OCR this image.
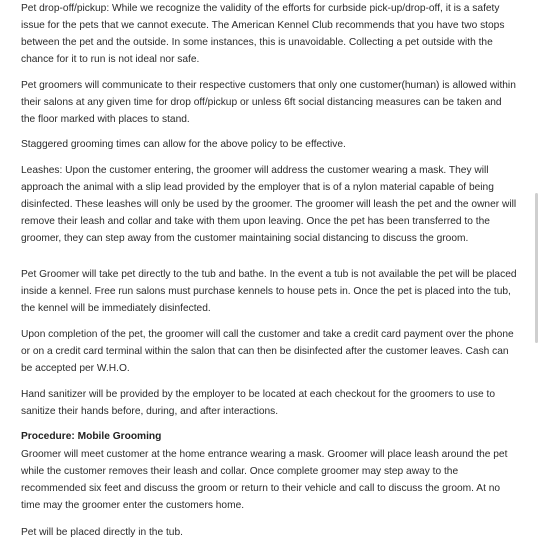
Pet drop-off/pickup: While we recognize the validity of the efforts for curbside pick-up/drop-off, it is a safety issue for the pets that we cannot execute. The American Kennel Club recommends that you have two stops between the pet and the outside. In some instances, this is unavoidable. Collecting a pet outside with the chance for it to run is not ideal nor safe.

Pet groomers will communicate to their respective customers that only one customer(human) is allowed within their salons at any given time for drop off/pickup or unless 6ft social distancing measures can be taken and the floor marked with places to stand.

Staggered grooming times can allow for the above policy to be effective.

Leashes: Upon the customer entering, the groomer will address the customer wearing a mask. They will approach the animal with a slip lead provided by the employer that is of a nylon material capable of being disinfected. These leashes will only be used by the groomer. The groomer will leash the pet and the owner will remove their leash and collar and take with them upon leaving. Once the pet has been transferred to the groomer, they can step away from the customer maintaining social distancing to discuss the groom.

Pet Groomer will take pet directly to the tub and bathe. In the event a tub is not available the pet will be placed inside a kennel. Free run salons must purchase kennels to house pets in. Once the pet is placed into the tub, the kennel will be immediately disinfected.

Upon completion of the pet, the groomer will call the customer and take a credit card payment over the phone or on a credit card terminal within the salon that can then be disinfected after the customer leaves. Cash can be accepted per W.H.O.

Hand sanitizer will be provided by the employer to be located at each checkout for the groomers to use to sanitize their hands before, during, and after interactions.

Procedure: Mobile Grooming

Groomer will meet customer at the home entrance wearing a mask. Groomer will place leash around the pet while the customer removes their leash and collar. Once complete groomer may step away to the recommended six feet and discuss the groom or return to their vehicle and call to discuss the groom. At no time may the groomer enter the customers home.

Pet will be placed directly in the tub.
